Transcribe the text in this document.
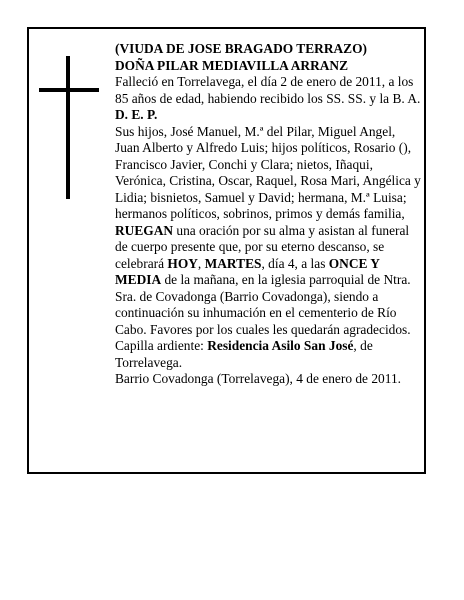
(VIUDA DE JOSE BRAGADO TERRAZO)

DOÑA PILAR MEDIAVILLA ARRANZ

Falleció en Torrelavega, el día 2 de enero de 2011, a los 85 años de edad, habiendo recibido los SS. SS. y la B. A.

D. E. P.

Sus hijos, José Manuel, M.ª del Pilar, Miguel Angel, Juan Alberto y Alfredo Luis; hijos políticos, Rosario (), Francisco Javier, Conchi y Clara; nietos, Iñaqui, Verónica, Cristina, Oscar, Raquel, Rosa Mari, Angélica y Lidia; bisnietos, Samuel y David; hermana, M.ª Luisa; hermanos políticos, sobrinos, primos y demás familia,

RUEGAN una oración por su alma y asistan al funeral de cuerpo presente que, por su eterno descanso, se celebrará HOY, MARTES, día 4, a las ONCE Y MEDIA de la mañana, en la iglesia parroquial de Ntra. Sra. de Covadonga (Barrio Covadonga), siendo a continuación su inhumación en el cementerio de Río Cabo. Favores por los cuales les quedarán agradecidos.

Capilla ardiente: Residencia Asilo San José, de Torrelavega.

Barrio Covadonga (Torrelavega), 4 de enero de 2011.
